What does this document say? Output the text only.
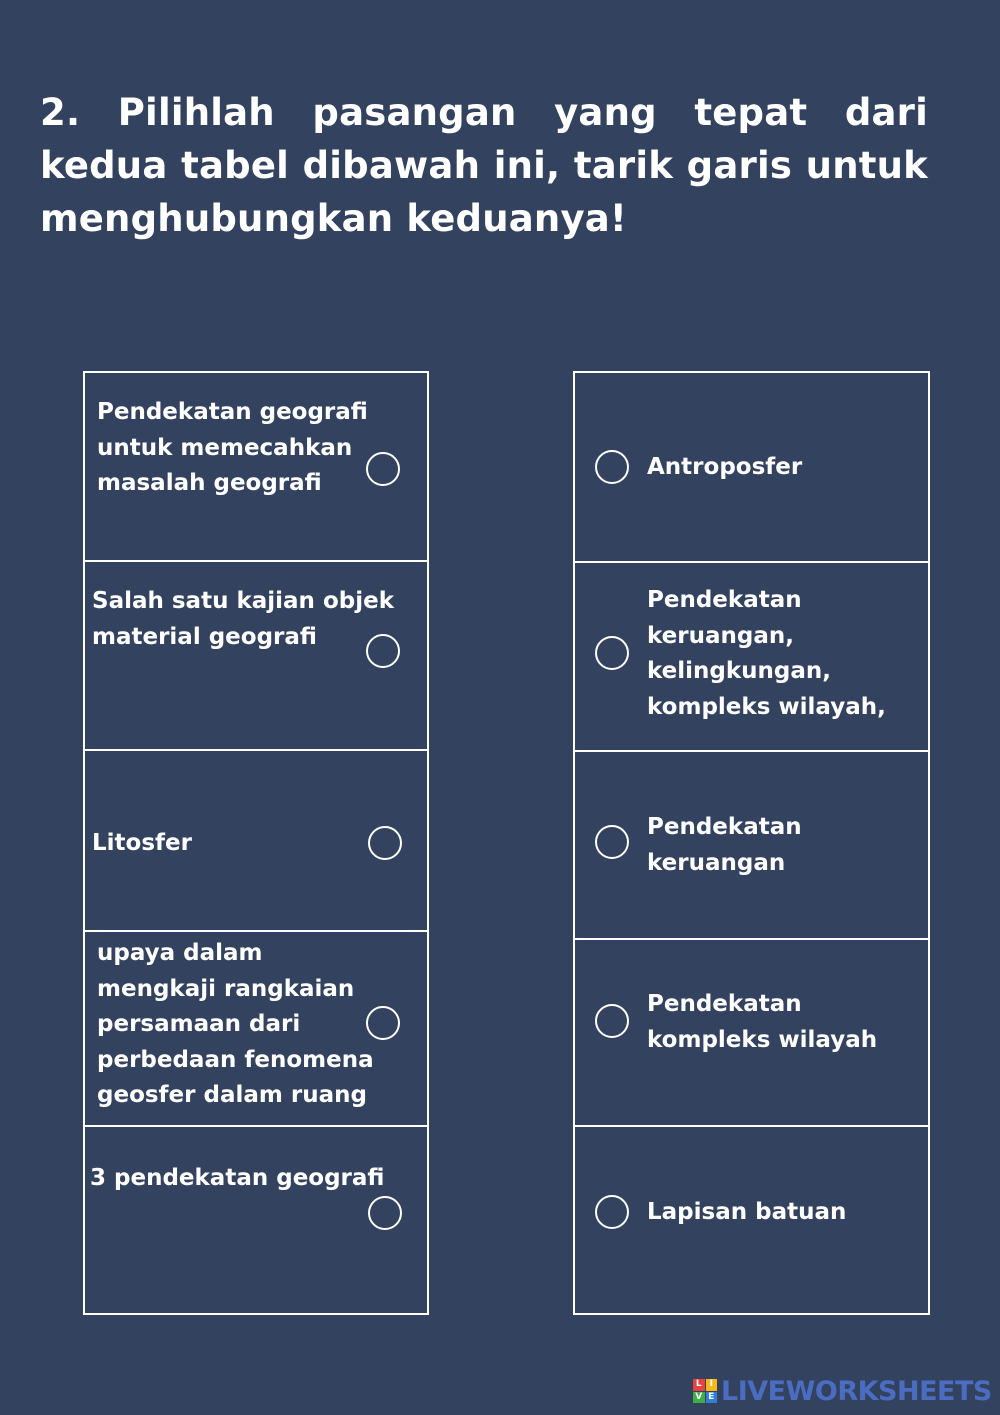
2. Pilihlah pasangan yang tepat dari kedua tabel dibawah ini, tarik garis untuk menghubungkan keduanya!

Pendekatan geografi
untuk memecahkan
masalah geografi
Salah satu kajian objek
material geografi
Litosfer
upaya dalam
mengkaji rangkaian
persamaan dari
perbedaan fenomena
geosfer dalam ruang
3 pendekatan geografi
Antroposfer
Pendekatan
keruangan,
kelingkungan,
kompleks wilayah,
Pendekatan
keruangan
Pendekatan
kompleks wilayah
Lapisan batuan
L I
V E LIVEWORKSHEETS
